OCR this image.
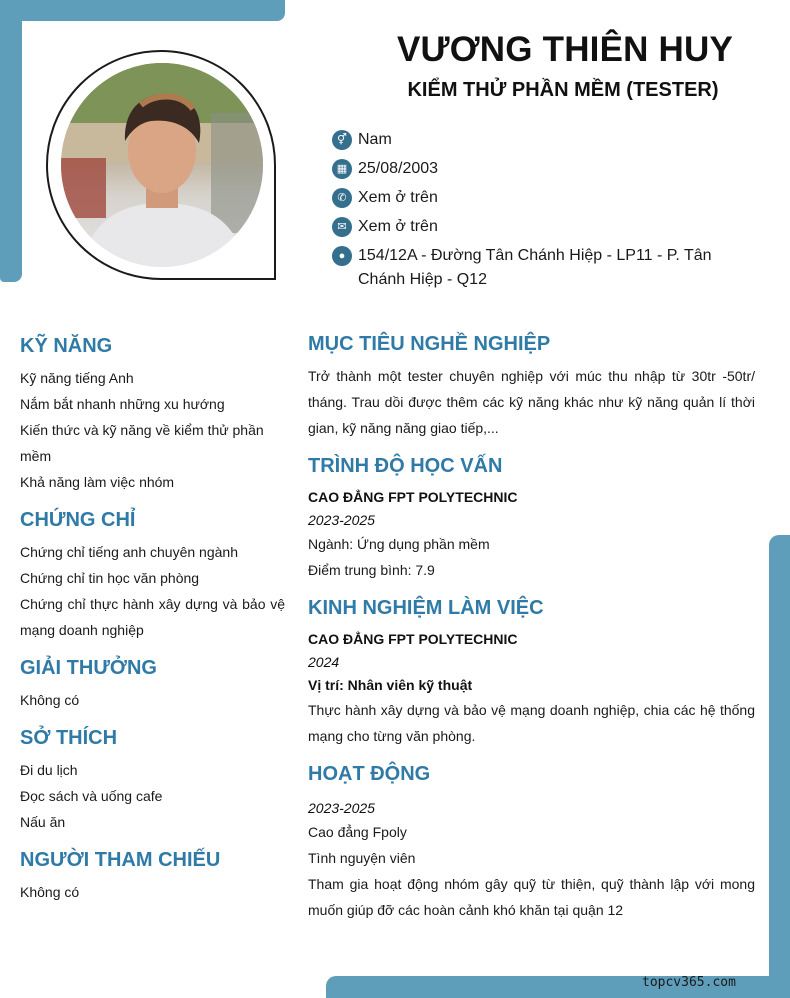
VƯƠNG THIÊN HUY
KIỂM THỬ PHẦN MỀM (TESTER)
⚥ Nam
▦ 25/08/2003
✆ Xem ở trên
✉ Xem ở trên
● 154/12A - Đường Tân Chánh Hiệp - LP11 - P. Tân Chánh Hiệp - Q12
KỸ NĂNG
Kỹ năng tiếng Anh
Nắm bắt nhanh những xu hướng
Kiến thức và kỹ năng về kiểm thử phần mềm
Khả năng làm việc nhóm
CHỨNG CHỈ
Chứng chỉ tiếng anh chuyên ngành
Chứng chỉ tin học văn phòng
Chứng chỉ thực hành xây dựng và bảo vệ mạng doanh nghiệp
GIẢI THƯỞNG
Không có
SỞ THÍCH
Đi du lịch
Đọc sách và uống cafe
Nấu ăn
NGƯỜI THAM CHIẾU
Không có
MỤC TIÊU NGHỀ NGHIỆP
Trở thành một tester chuyên nghiệp với múc thu nhập từ 30tr -50tr/ tháng. Trau dồi được thêm các kỹ năng khác như kỹ năng quản lí thời gian, kỹ năng năng giao tiếp,...
TRÌNH ĐỘ HỌC VẤN
CAO ĐẲNG FPT POLYTECHNIC
2023-2025
Ngành: Ứng dụng phần mềm
Điểm trung bình: 7.9
KINH NGHIỆM LÀM VIỆC
CAO ĐẲNG FPT POLYTECHNIC
2024
Vị trí: Nhân viên kỹ thuật
Thực hành xây dựng và bảo vệ mạng doanh nghiệp, chia các hệ thống mạng cho từng văn phòng.
HOẠT ĐỘNG
2023-2025
Cao đẳng Fpoly
Tình nguyện viên
Tham gia hoạt động nhóm gây quỹ từ thiện, quỹ thành lập với mong muốn giúp đỡ các hoàn cảnh khó khăn tại quận 12
topcv365.com
